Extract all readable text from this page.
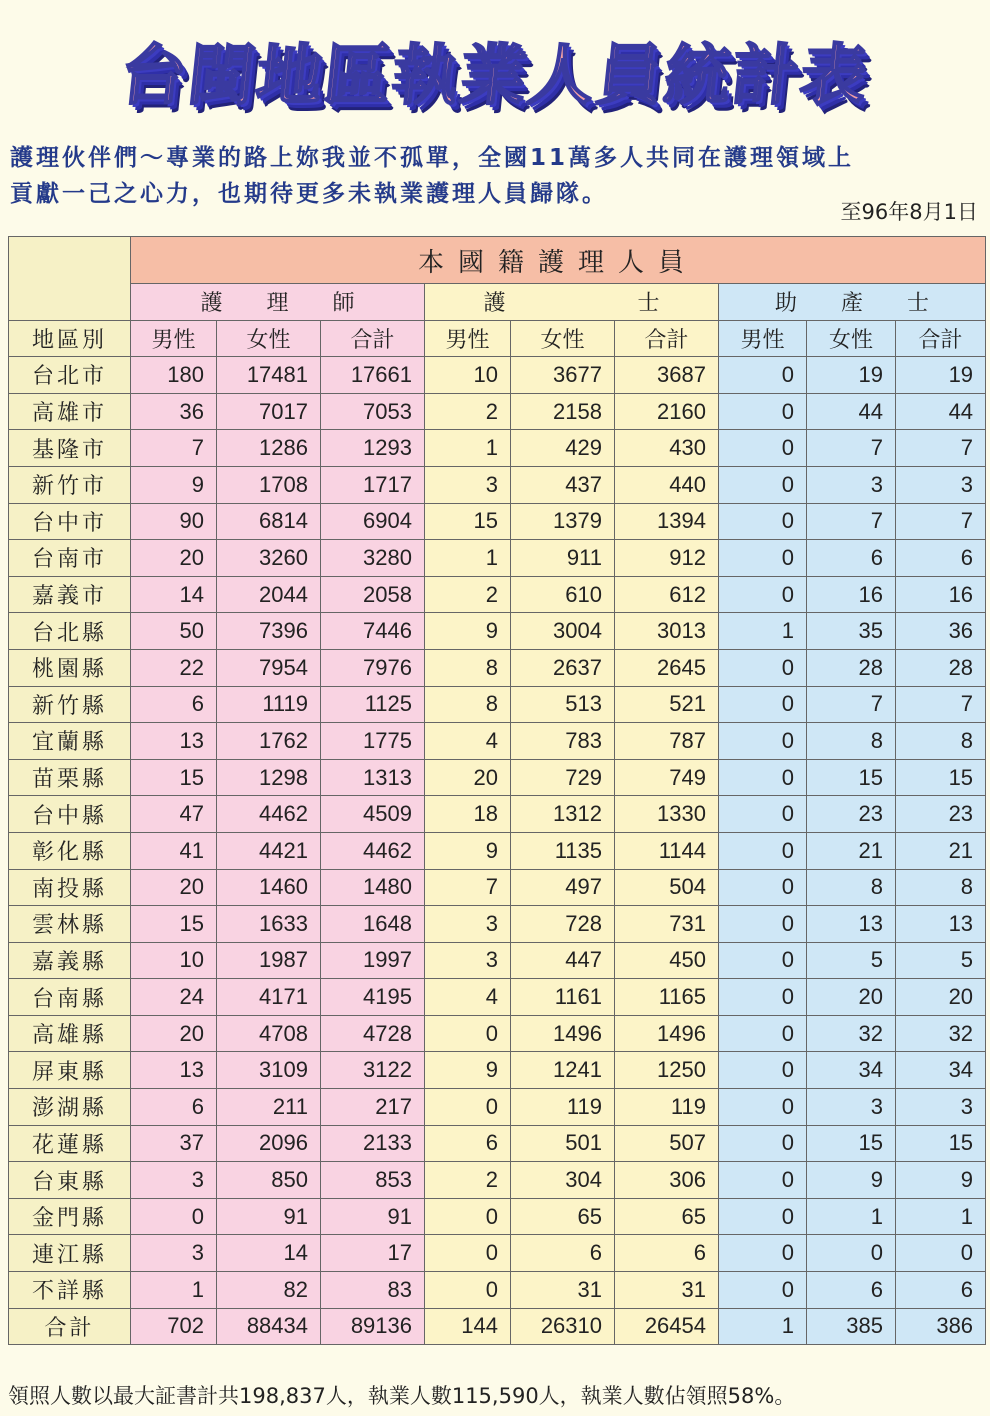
台閩地區執業人員統計表
護理伙伴們～專業的路上妳我並不孤單，全國11萬多人共同在護理領域上
貢獻一己之心力，也期待更多未執業護理人員歸隊。
至96年8月1日
	本國籍護理人員								
	護　　理　　師			護　　　　　　士			助　　產　　士		
地區別	男性	女性	合計	男性	女性	合計	男性	女性	合計
台北市	180	17481	17661	10	3677	3687	0	19	19
高雄市	36	7017	7053	2	2158	2160	0	44	44
基隆市	7	1286	1293	1	429	430	0	7	7
新竹市	9	1708	1717	3	437	440	0	3	3
台中市	90	6814	6904	15	1379	1394	0	7	7
台南市	20	3260	3280	1	911	912	0	6	6
嘉義市	14	2044	2058	2	610	612	0	16	16
台北縣	50	7396	7446	9	3004	3013	1	35	36
桃園縣	22	7954	7976	8	2637	2645	0	28	28
新竹縣	6	1119	1125	8	513	521	0	7	7
宜蘭縣	13	1762	1775	4	783	787	0	8	8
苗栗縣	15	1298	1313	20	729	749	0	15	15
台中縣	47	4462	4509	18	1312	1330	0	23	23
彰化縣	41	4421	4462	9	1135	1144	0	21	21
南投縣	20	1460	1480	7	497	504	0	8	8
雲林縣	15	1633	1648	3	728	731	0	13	13
嘉義縣	10	1987	1997	3	447	450	0	5	5
台南縣	24	4171	4195	4	1161	1165	0	20	20
高雄縣	20	4708	4728	0	1496	1496	0	32	32
屏東縣	13	3109	3122	9	1241	1250	0	34	34
澎湖縣	6	211	217	0	119	119	0	3	3
花蓮縣	37	2096	2133	6	501	507	0	15	15
台東縣	3	850	853	2	304	306	0	9	9
金門縣	0	91	91	0	65	65	0	1	1
連江縣	3	14	17	0	6	6	0	0	0
不詳縣	1	82	83	0	31	31	0	6	6
合計	702	88434	89136	144	26310	26454	1	385	386
領照人數以最大証書計共198,837人，執業人數115,590人，執業人數佔領照58%。
